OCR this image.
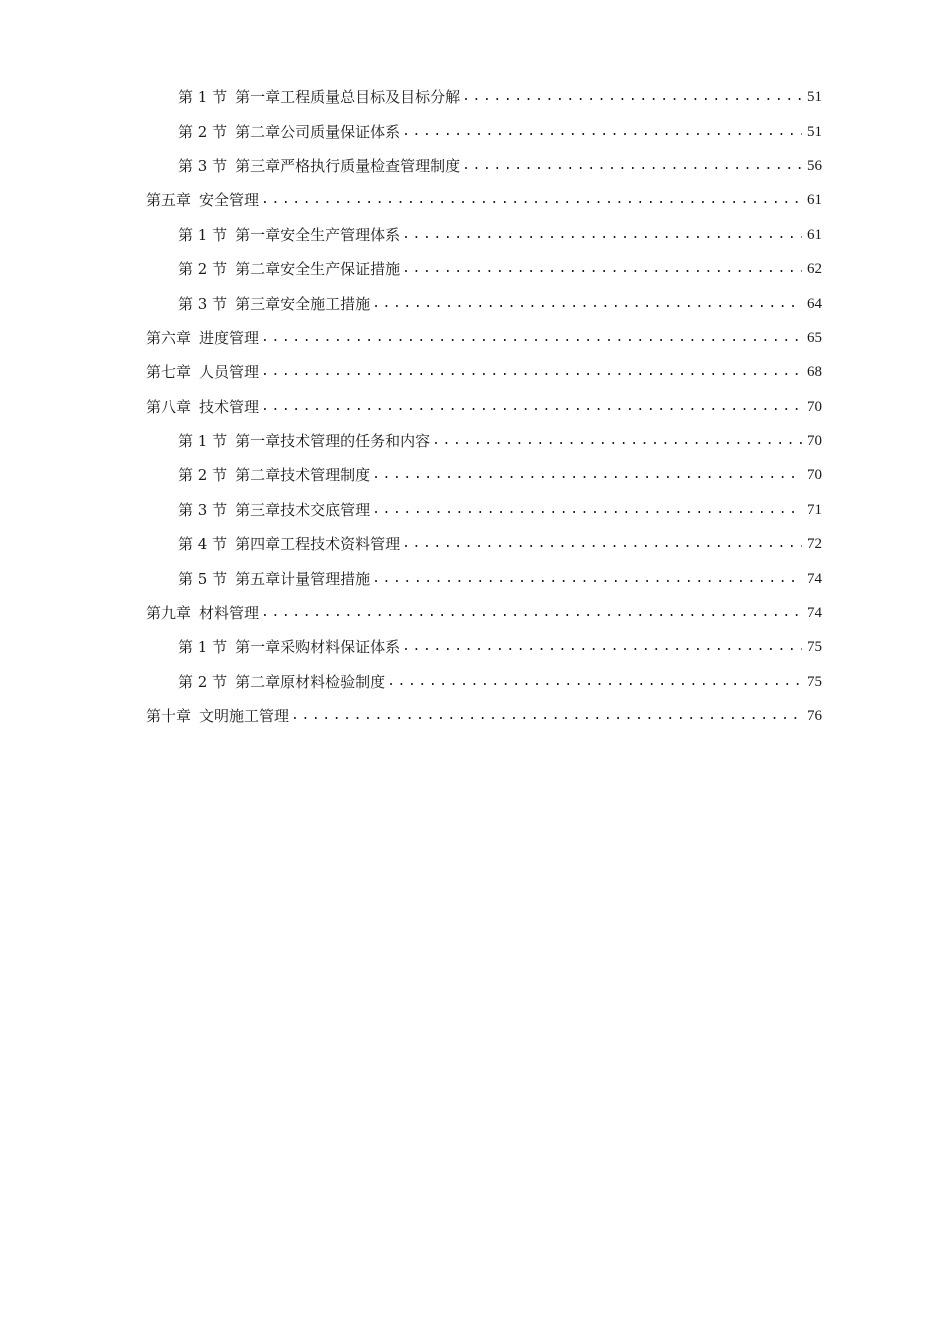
第 1 节 第一章工程质量总目标及目标分解 .....	51
第 2 节 第二章公司质量保证体系 .....	51
第 3 节 第三章严格执行质量检查管理制度 .....	56
第五章 安全管理 .....	61
第 1 节 第一章安全生产管理体系 .....	61
第 2 节 第二章安全生产保证措施 .....	62
第 3 节 第三章安全施工措施 .....	64
第六章 进度管理 .....	65
第七章 人员管理 .....	68
第八章 技术管理 .....	70
第 1 节 第一章技术管理的任务和内容 .....	70
第 2 节 第二章技术管理制度 .....	70
第 3 节 第三章技术交底管理 .....	71
第 4 节 第四章工程技术资料管理 .....	72
第 5 节 第五章计量管理措施 .....	74
第九章 材料管理 .....	74
第 1 节 第一章采购材料保证体系 .....	75
第 2 节 第二章原材料检验制度 .....	75
第十章 文明施工管理 .....	76
